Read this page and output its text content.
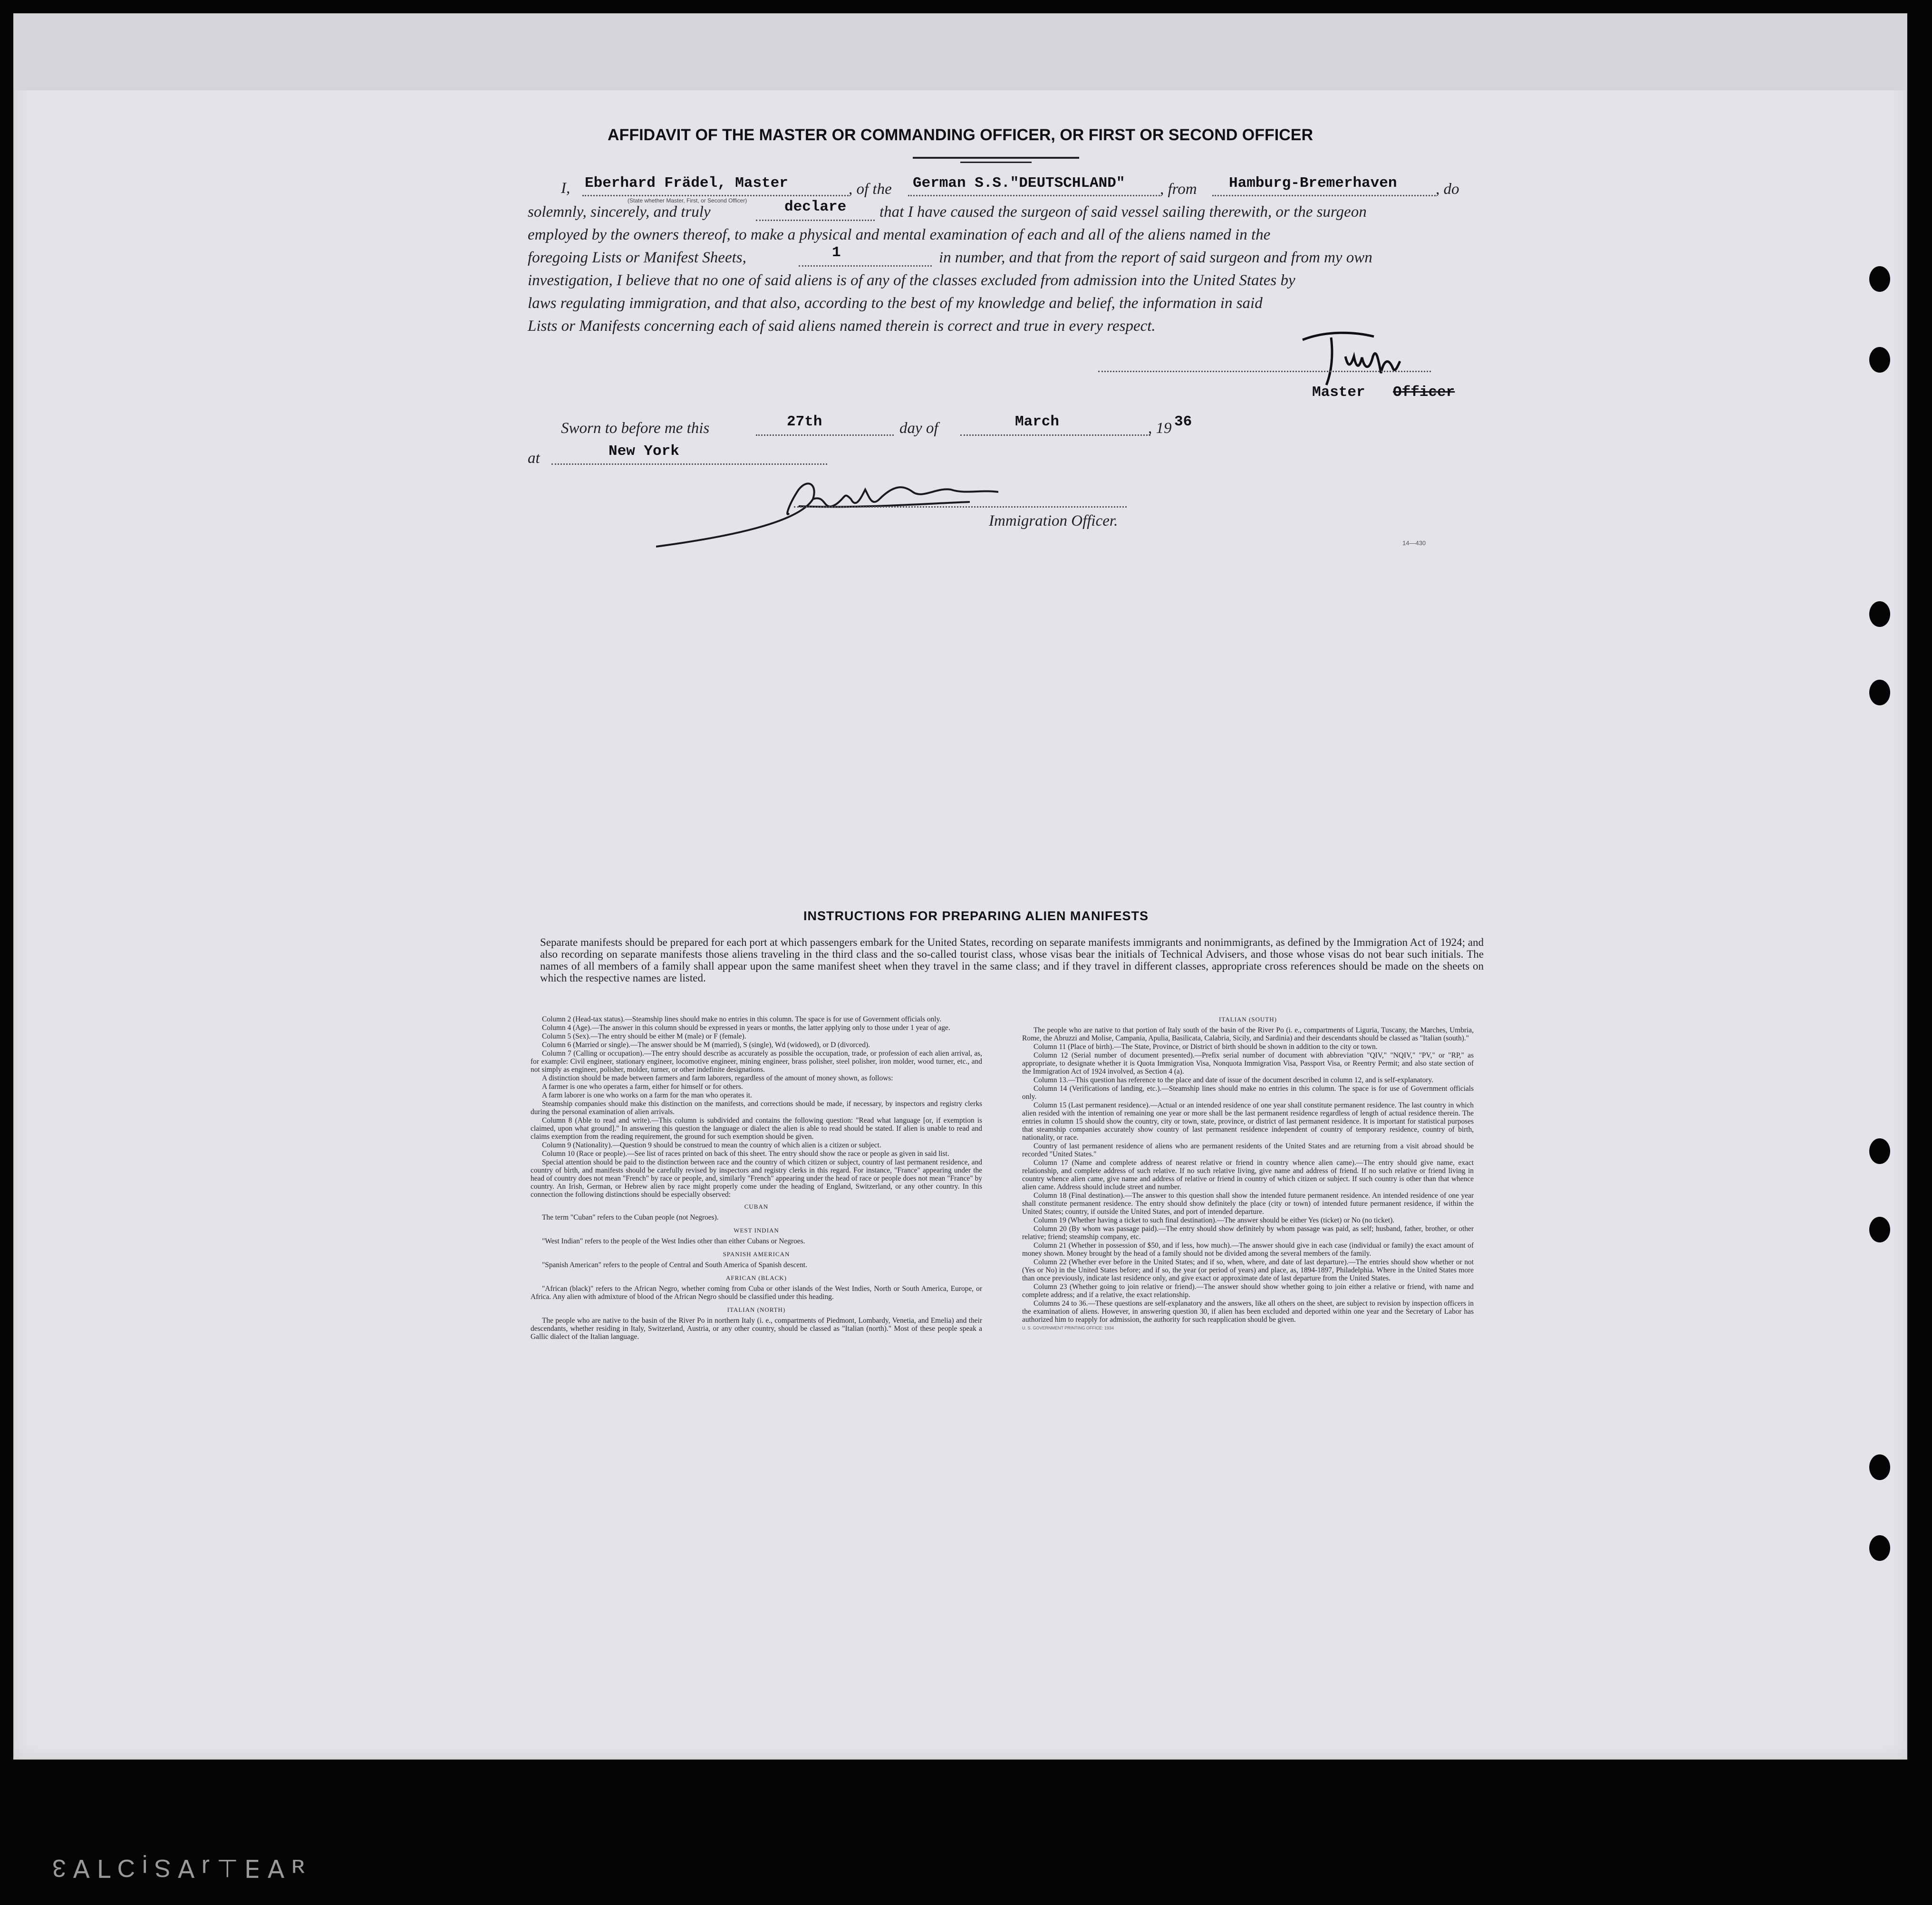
AFFIDAVIT OF THE MASTER OR COMMANDING OFFICER, OR FIRST OR SECOND OFFICER
I, Eberhard Frädel, Master
(State whether Master, First, or Second Officer)
, of the German S.S."DEUTSCHLAND" , from Hamburg-Bremerhaven , do
solemnly, sincerely, and truly	declare that I have caused the surgeon of said vessel sailing therewith, or the surgeon
employed by the owners thereof, to make a physical and mental examination of each and all of the aliens named in the
foregoing Lists or Manifest Sheets,	1	in number, and that from the report of said surgeon and from my own
investigation, I believe that no one of said aliens is of any of the classes excluded from admission into the United States by
laws regulating immigration, and that also, according to the best of my knowledge and belief, the information in said
Lists or Manifests concerning each of said aliens named therein is correct and true in every respect.
Master Officer
Sworn to before me this	27th	day of	March	, 19 36
at	New York
Immigration Officer.
14—430
INSTRUCTIONS FOR PREPARING ALIEN MANIFESTS
Separate manifests should be prepared for each port at which passengers embark for the United States, recording on separate manifests immigrants and nonimmigrants, as defined by the Immigration Act of 1924; and also recording on separate manifests those aliens traveling in the third class and the so-called tourist class, whose visas bear the initials of Technical Advisers, and those whose visas do not bear such initials. The names of all members of a family shall appear upon the same manifest sheet when they travel in the same class; and if they travel in different classes, appropriate cross references should be made on the sheets on which the respective names are listed.

Column 2 (Head-tax status).—Steamship lines should make no entries in this column. The space is for use of Government officials only.

Column 4 (Age).—The answer in this column should be expressed in years or months, the latter applying only to those under 1 year of age.

Column 5 (Sex).—The entry should be either M (male) or F (female).

Column 6 (Married or single).—The answer should be M (married), S (single), Wd (widowed), or D (divorced).

Column 7 (Calling or occupation).—The entry should describe as accurately as possible the occupation, trade, or profession of each alien arrival, as, for example: Civil engineer, stationary engineer, locomotive engineer, mining engineer, brass polisher, steel polisher, iron molder, wood turner, etc., and not simply as engineer, polisher, molder, turner, or other indefinite designations.

A distinction should be made between farmers and farm laborers, regardless of the amount of money shown, as follows:

A farmer is one who operates a farm, either for himself or for others.

A farm laborer is one who works on a farm for the man who operates it.

Steamship companies should make this distinction on the manifests, and corrections should be made, if necessary, by inspectors and registry clerks during the personal examination of alien arrivals.

Column 8 (Able to read and write).—This column is subdivided and contains the following question: "Read what language [or, if exemption is claimed, upon what ground]." In answering this question the language or dialect the alien is able to read should be stated. If alien is unable to read and claims exemption from the reading requirement, the ground for such exemption should be given.

Column 9 (Nationality).—Question 9 should be construed to mean the country of which alien is a citizen or subject.

Column 10 (Race or people).—See list of races printed on back of this sheet. The entry should show the race or people as given in said list.

Special attention should be paid to the distinction between race and the country of which citizen or subject, country of last permanent residence, and country of birth, and manifests should be carefully revised by inspectors and registry clerks in this regard. For instance, "France" appearing under the head of country does not mean "French" by race or people, and, similarly "French" appearing under the head of race or people does not mean "France" by country. An Irish, German, or Hebrew alien by race might properly come under the heading of England, Switzerland, or any other country. In this connection the following distinctions should be especially observed:

CUBAN

The term "Cuban" refers to the Cuban people (not Negroes).

WEST INDIAN

"West Indian" refers to the people of the West Indies other than either Cubans or Negroes.

SPANISH AMERICAN

"Spanish American" refers to the people of Central and South America of Spanish descent.

AFRICAN (BLACK)

"African (black)" refers to the African Negro, whether coming from Cuba or other islands of the West Indies, North or South America, Europe, or Africa. Any alien with admixture of blood of the African Negro should be classified under this heading.

ITALIAN (NORTH)

The people who are native to the basin of the River Po in northern Italy (i. e., compartments of Piedmont, Lombardy, Venetia, and Emelia) and their descendants, whether residing in Italy, Switzerland, Austria, or any other country, should be classed as "Italian (north)." Most of these people speak a Gallic dialect of the Italian language.

ITALIAN (SOUTH)

The people who are native to that portion of Italy south of the basin of the River Po (i. e., compartments of Liguria, Tuscany, the Marches, Umbria, Rome, the Abruzzi and Molise, Campania, Apulia, Basilicata, Calabria, Sicily, and Sardinia) and their descendants should be classed as "Italian (south)."

Column 11 (Place of birth).—The State, Province, or District of birth should be shown in addition to the city or town.

Column 12 (Serial number of document presented).—Prefix serial number of document with abbreviation "QIV," "NQIV," "PV," or "RP," as appropriate, to designate whether it is Quota Immigration Visa, Nonquota Immigration Visa, Passport Visa, or Reentry Permit; and also state section of the Immigration Act of 1924 involved, as Section 4 (a).

Column 13.—This question has reference to the place and date of issue of the document described in column 12, and is self-explanatory.

Column 14 (Verifications of landing, etc.).—Steamship lines should make no entries in this column. The space is for use of Government officials only.

Column 15 (Last permanent residence).—Actual or an intended residence of one year shall constitute permanent residence. The last country in which alien resided with the intention of remaining one year or more shall be the last permanent residence regardless of length of actual residence therein. The entries in column 15 should show the country, city or town, state, province, or district of last permanent residence. It is important for statistical purposes that steamship companies accurately show country of last permanent residence independent of country of temporary residence, country of birth, nationality, or race.

Country of last permanent residence of aliens who are permanent residents of the United States and are returning from a visit abroad should be recorded "United States."

Column 17 (Name and complete address of nearest relative or friend in country whence alien came).—The entry should give name, exact relationship, and complete address of such relative. If no such relative living, give name and address of friend. If no such relative or friend living in country whence alien came, give name and address of relative or friend in country of which citizen or subject. If such country is other than that whence alien came. Address should include street and number.

Column 18 (Final destination).—The answer to this question shall show the intended future permanent residence. An intended residence of one year shall constitute permanent residence. The entry should show definitely the place (city or town) of intended future permanent residence, if within the United States; country, if outside the United States, and port of intended departure.

Column 19 (Whether having a ticket to such final destination).—The answer should be either Yes (ticket) or No (no ticket).

Column 20 (By whom was passage paid).—The entry should show definitely by whom passage was paid, as self; husband, father, brother, or other relative; friend; steamship company, etc.

Column 21 (Whether in possession of $50, and if less, how much).—The answer should give in each case (individual or family) the exact amount of money shown. Money brought by the head of a family should not be divided among the several members of the family.

Column 22 (Whether ever before in the United States; and if so, when, where, and date of last departure).—The entries should show whether or not (Yes or No) in the United States before; and if so, the year (or period of years) and place, as, 1894-1897, Philadelphia. Where in the United States more than once previously, indicate last residence only, and give exact or approximate date of last departure from the United States.

Column 23 (Whether going to join relative or friend).—The answer should show whether going to join either a relative or friend, with name and complete address; and if a relative, the exact relationship.

Columns 24 to 36.—These questions are self-explanatory and the answers, like all others on the sheet, are subject to revision by inspection officers in the examination of aliens. However, in answering question 30, if alien has been excluded and deported within one year and the Secretary of Labor has authorized him to reapply for admission, the authority for such reapplication should be given.

U. S. GOVERNMENT PRINTING OFFICE: 1934

ᴚ ∀ ∃ ⊥ ɹ ∀ S ᴉ Ɔ Ꞁ ∀ 3
